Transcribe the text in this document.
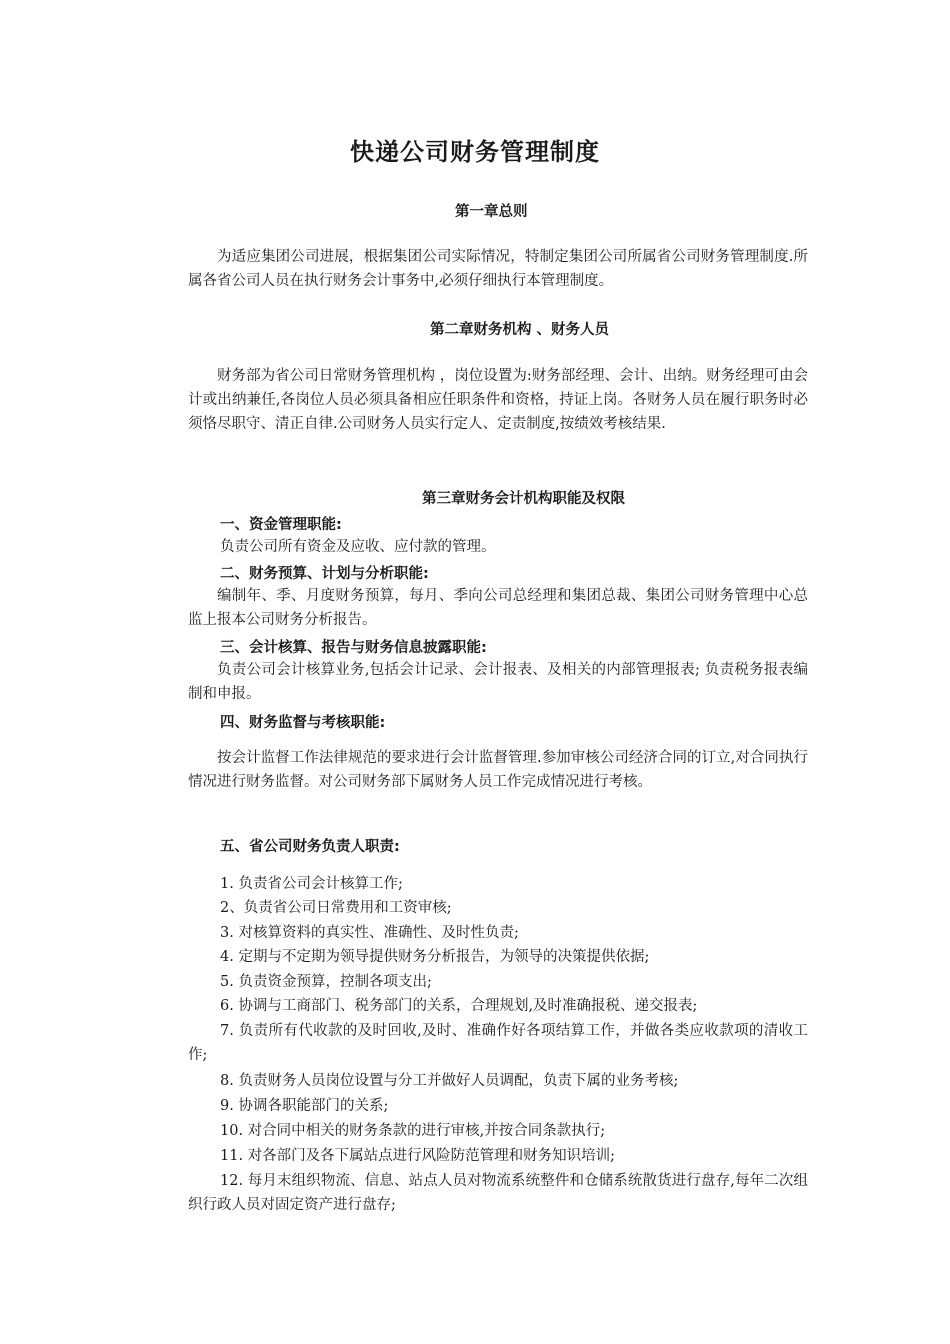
快递公司财务管理制度
第一章总则
为适应集团公司进展，根据集团公司实际情况，特制定集团公司所属省公司财务管理制度.所属各省公司人员在执行财务会计事务中,必须仔细执行本管理制度。
第二章财务机构 、财务人员
财务部为省公司日常财务管理机构 ，岗位设置为:财务部经理、会计、出纳。财务经理可由会计或出纳兼任,各岗位人员必须具备相应任职条件和资格，持证上岗。各财务人员在履行职务时必须恪尽职守、清正自律.公司财务人员实行定人、定责制度,按绩效考核结果.
第三章财务会计机构职能及权限
一、资金管理职能:
负责公司所有资金及应收、应付款的管理。
二、财务预算、计划与分析职能:
编制年、季、月度财务预算，每月、季向公司总经理和集团总裁、集团公司财务管理中心总监上报本公司财务分析报告。
三、会计核算、报告与财务信息披露职能:
负责公司会计核算业务,包括会计记录、会计报表、及相关的内部管理报表; 负责税务报表编制和申报。
四、财务监督与考核职能:
按会计监督工作法律规范的要求进行会计监督管理.参加审核公司经济合同的订立,对合同执行情况进行财务监督。对公司财务部下属财务人员工作完成情况进行考核。
五、省公司财务负责人职责:
1. 负责省公司会计核算工作;
2、负责省公司日常费用和工资审核;
3. 对核算资料的真实性、准确性、及时性负责;
4. 定期与不定期为领导提供财务分析报告，为领导的决策提供依据;
5. 负责资金预算，控制各项支出;
6. 协调与工商部门、税务部门的关系，合理规划,及时准确报税、递交报表;
7. 负责所有代收款的及时回收,及时、准确作好各项结算工作，并做各类应收款项的清收工作;
8. 负责财务人员岗位设置与分工并做好人员调配，负责下属的业务考核;
9. 协调各职能部门的关系;
10. 对合同中相关的财务条款的进行审核,并按合同条款执行;
11. 对各部门及各下属站点进行风险防范管理和财务知识培训;
12. 每月末组织物流、信息、站点人员对物流系统整件和仓储系统散货进行盘存,每年二次组织行政人员对固定资产进行盘存;
